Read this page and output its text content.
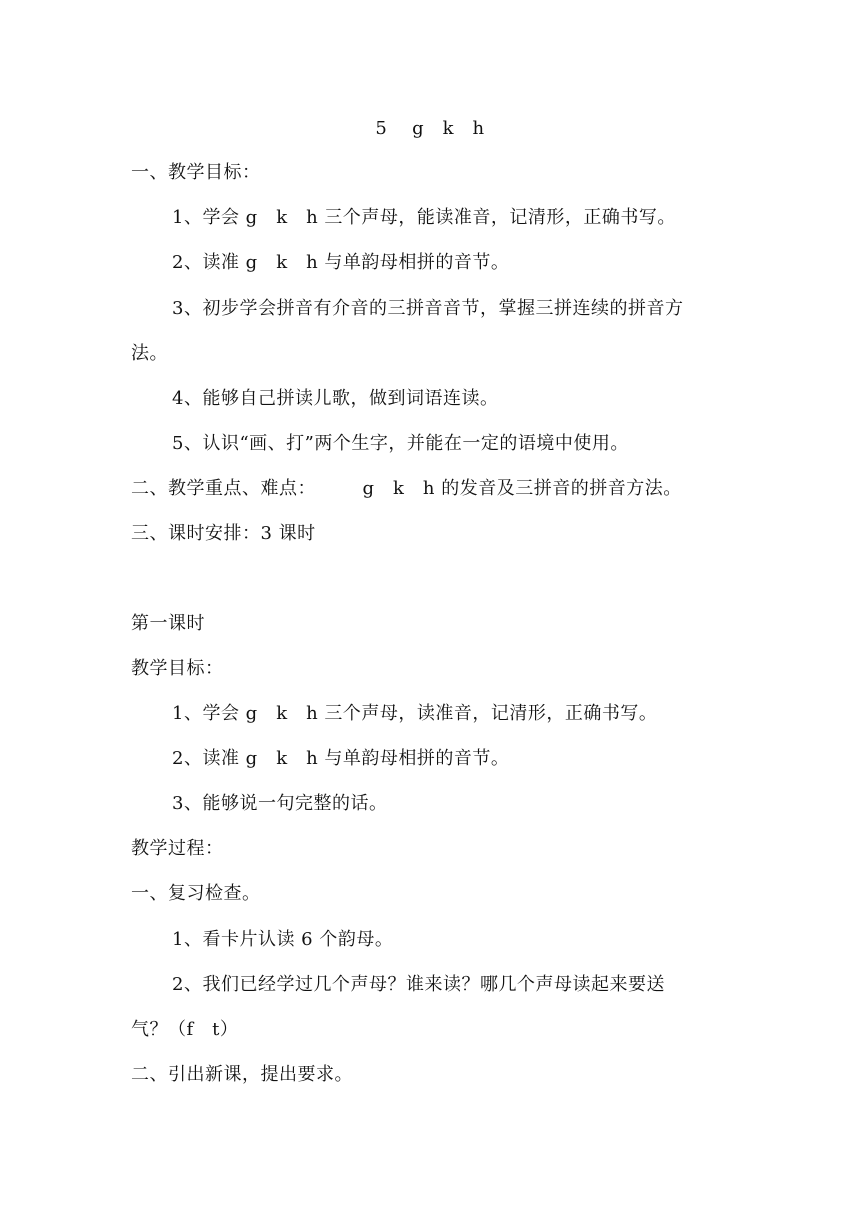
5　 g　k　h
一、教学目标：
1、学会 g　k　h 三个声母，能读准音，记清形，正确书写。
2、读准 g　k　h 与单韵母相拼的音节。
3、初步学会拼音有介音的三拼音音节，掌握三拼连续的拼音方
法。
4、能够自己拼读儿歌，做到词语连读。
5、认识“画、打”两个生字，并能在一定的语境中使用。
二、教学重点、难点：　　　g　k　h 的发音及三拼音的拼音方法。
三、课时安排：3 课时
第一课时
教学目标：
1、学会 g　k　h 三个声母，读准音，记清形，正确书写。
2、读准 g　k　h 与单韵母相拼的音节。
3、能够说一句完整的话。
教学过程：
一、复习检查。
1、看卡片认读 6 个韵母。
2、我们已经学过几个声母？谁来读？哪几个声母读起来要送
气？（f　t）
二、引出新课，提出要求。
